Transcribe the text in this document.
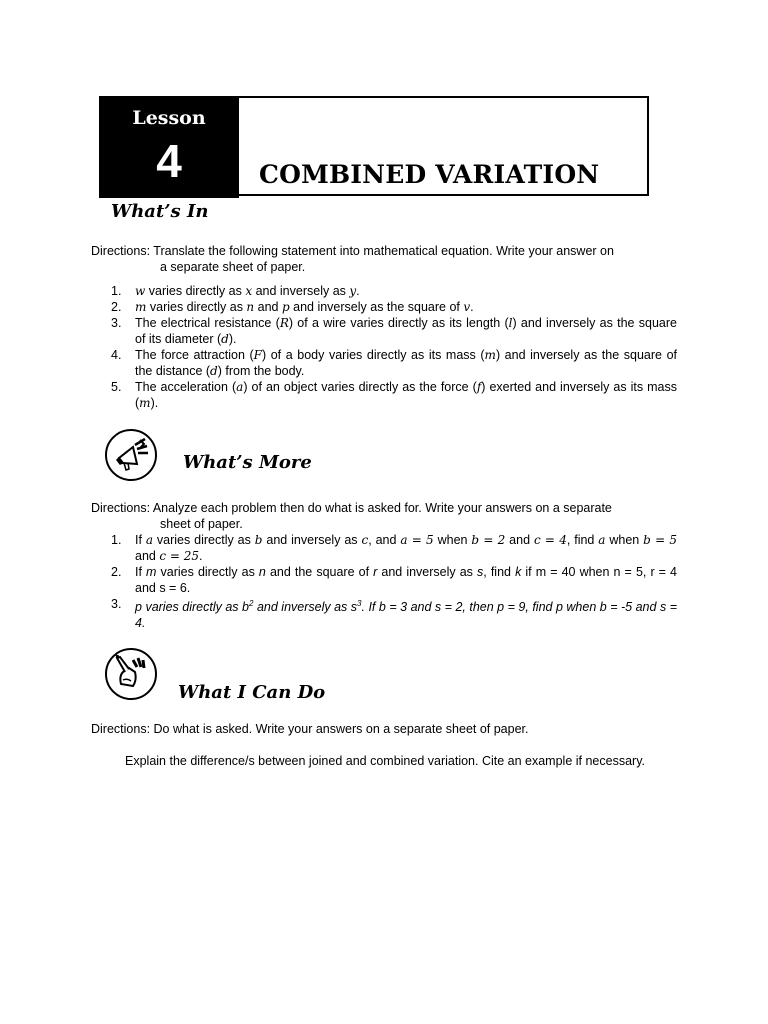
Lesson
4	COMBINED VARIATION
What’s In
Directions: Translate the following statement into mathematical equation. Write your answer on
a separate sheet of paper.
1. w varies directly as x and inversely as y.
2. m varies directly as n and p and inversely as the square of v.
3. The electrical resistance (R) of a wire varies directly as its length (l) and inversely as the square of its diameter (d).
4. The force attraction (F) of a body varies directly as its mass (m) and inversely as the square of the distance (d) from the body.
5. The acceleration (a) of an object varies directly as the force (f) exerted and inversely as its mass (m).
What’s More
Directions: Analyze each problem then do what is asked for. Write your answers on a separate
sheet of paper.
1. If a varies directly as b and inversely as c, and a = 5 when b = 2 and c = 4, find a when b = 5 and c = 25.
2. If m varies directly as n and the square of r and inversely as s, find k if m = 40 when n = 5, r = 4 and s = 6.
3. p varies directly as $b^2$ and inversely as $s^3$. If b = 3 and s = 2, then p = 9, find p when b = -5 and s = 4.
What I Can Do
Directions: Do what is asked. Write your answers on a separate sheet of paper.
Explain the difference/s between joined and combined variation. Cite an example if necessary.
